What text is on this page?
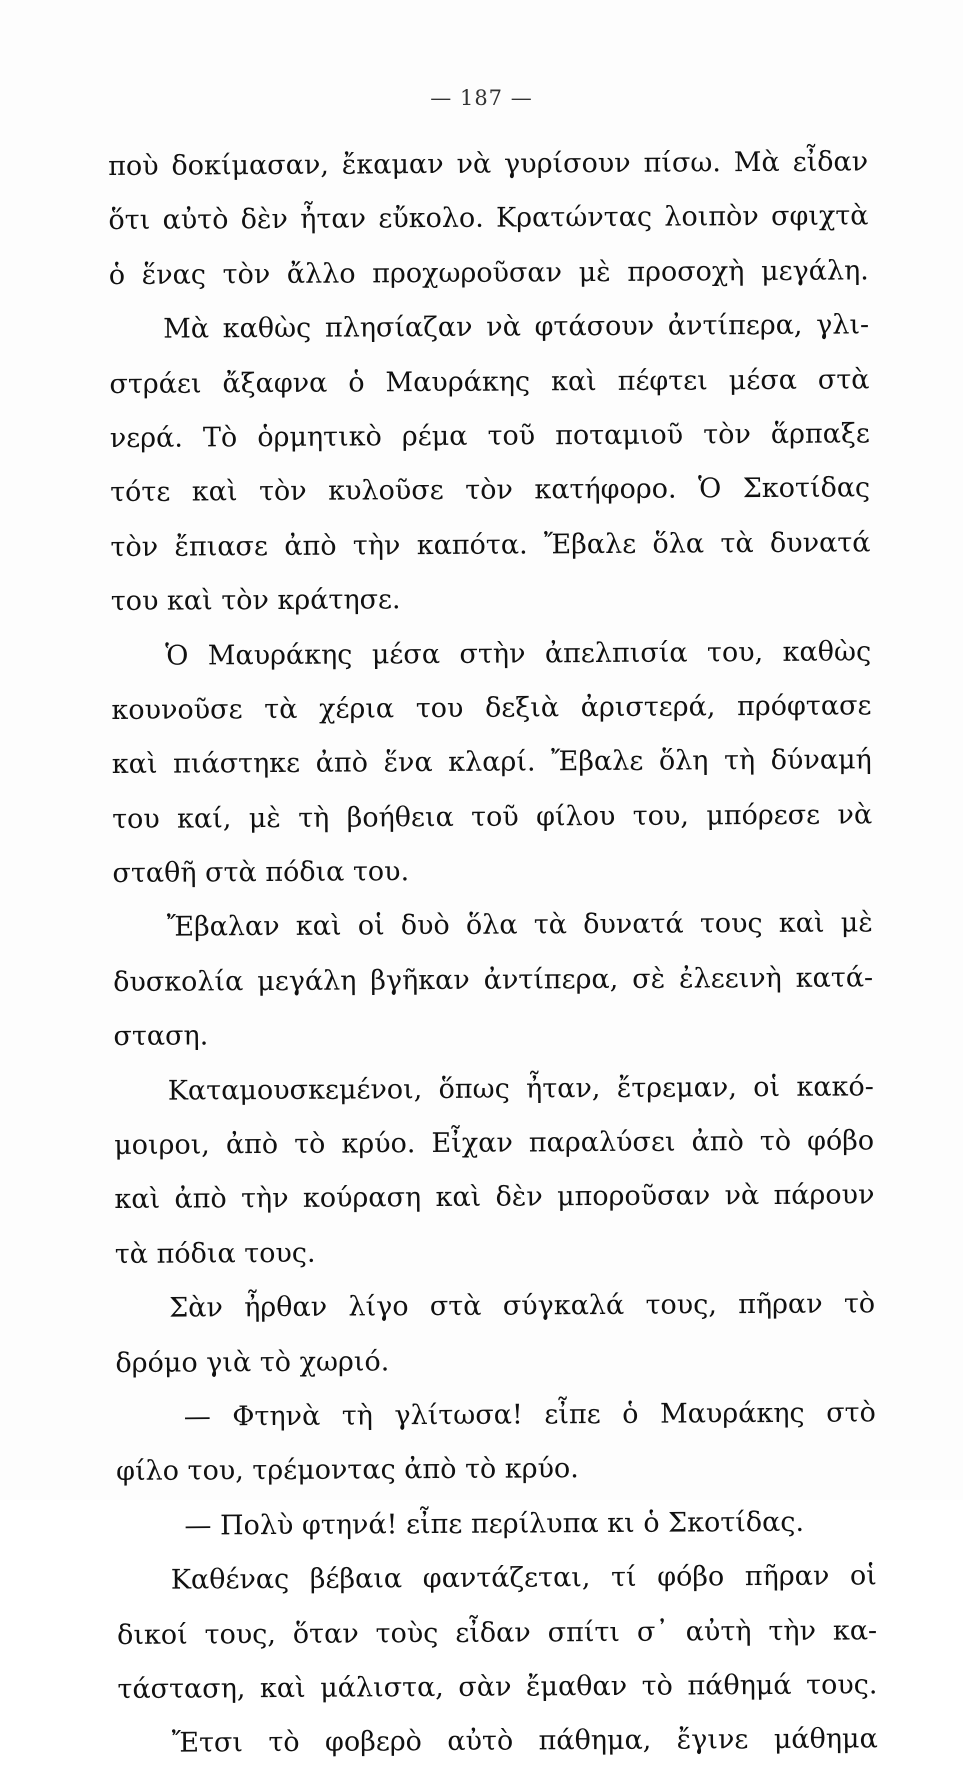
— 187 —
ποὺ δοκίμασαν, ἔκαμαν νὰ γυρίσουν πίσω. Μὰ εἶδαν
ὅτι αὐτὸ δὲν ἦταν εὔκολο. Κρατώντας λοιπὸν σφιχτὰ
ὁ ἕνας τὸν ἄλλο προχωροῦσαν μὲ προσοχὴ μεγάλη.
Μὰ καθὼς πλησίαζαν νὰ φτάσουν ἀντίπερα, γλι-
στράει ἄξαφνα ὁ Μαυράκης καὶ πέφτει μέσα στὰ
νερά. Τὸ ὁρμητικὸ ρέμα τοῦ ποταμιοῦ τὸν ἅρπαξε
τότε καὶ τὸν κυλοῦσε τὸν κατήφορο. Ὁ Σκοτίδας
τὸν ἔπιασε ἀπὸ τὴν καπότα. Ἔβαλε ὅλα τὰ δυνατά
του καὶ τὸν κράτησε.
Ὁ Μαυράκης μέσα στὴν ἀπελπισία του, καθὼς
κουνοῦσε τὰ χέρια του δεξιὰ ἀριστερά, πρόφτασε
καὶ πιάστηκε ἀπὸ ἕνα κλαρί. Ἔβαλε ὅλη τὴ δύναμή
του καί, μὲ τὴ βοήθεια τοῦ φίλου του, μπόρεσε νὰ
σταθῆ στὰ πόδια του.
Ἔβαλαν καὶ οἱ δυὸ ὅλα τὰ δυνατά τους καὶ μὲ
δυσκολία μεγάλη βγῆκαν ἀντίπερα, σὲ ἐλεεινὴ κατά-
σταση.
Καταμουσκεμένοι, ὅπως ἦταν, ἔτρεμαν, οἱ κακό-
μοιροι, ἀπὸ τὸ κρύο. Εἶχαν παραλύσει ἀπὸ τὸ φόβο
καὶ ἀπὸ τὴν κούραση καὶ δὲν μποροῦσαν νὰ πάρουν
τὰ πόδια τους.
Σὰν ἦρθαν λίγο στὰ σύγκαλά τους, πῆραν τὸ
δρόμο γιὰ τὸ χωριό.
— Φτηνὰ τὴ γλίτωσα! εἶπε ὁ Μαυράκης στὸ
φίλο του, τρέμοντας ἀπὸ τὸ κρύο.
— Πολὺ φτηνά! εἶπε περίλυπα κι ὁ Σκοτίδας.
Καθένας βέβαια φαντάζεται, τί φόβο πῆραν οἱ
δικοί τους, ὅταν τοὺς εἶδαν σπίτι σ᾽ αὐτὴ τὴν κα-
τάσταση, καὶ μάλιστα, σὰν ἔμαθαν τὸ πάθημά τους.
Ἔτσι τὸ φοβερὸ αὐτὸ πάθημα, ἔγινε μάθημα
